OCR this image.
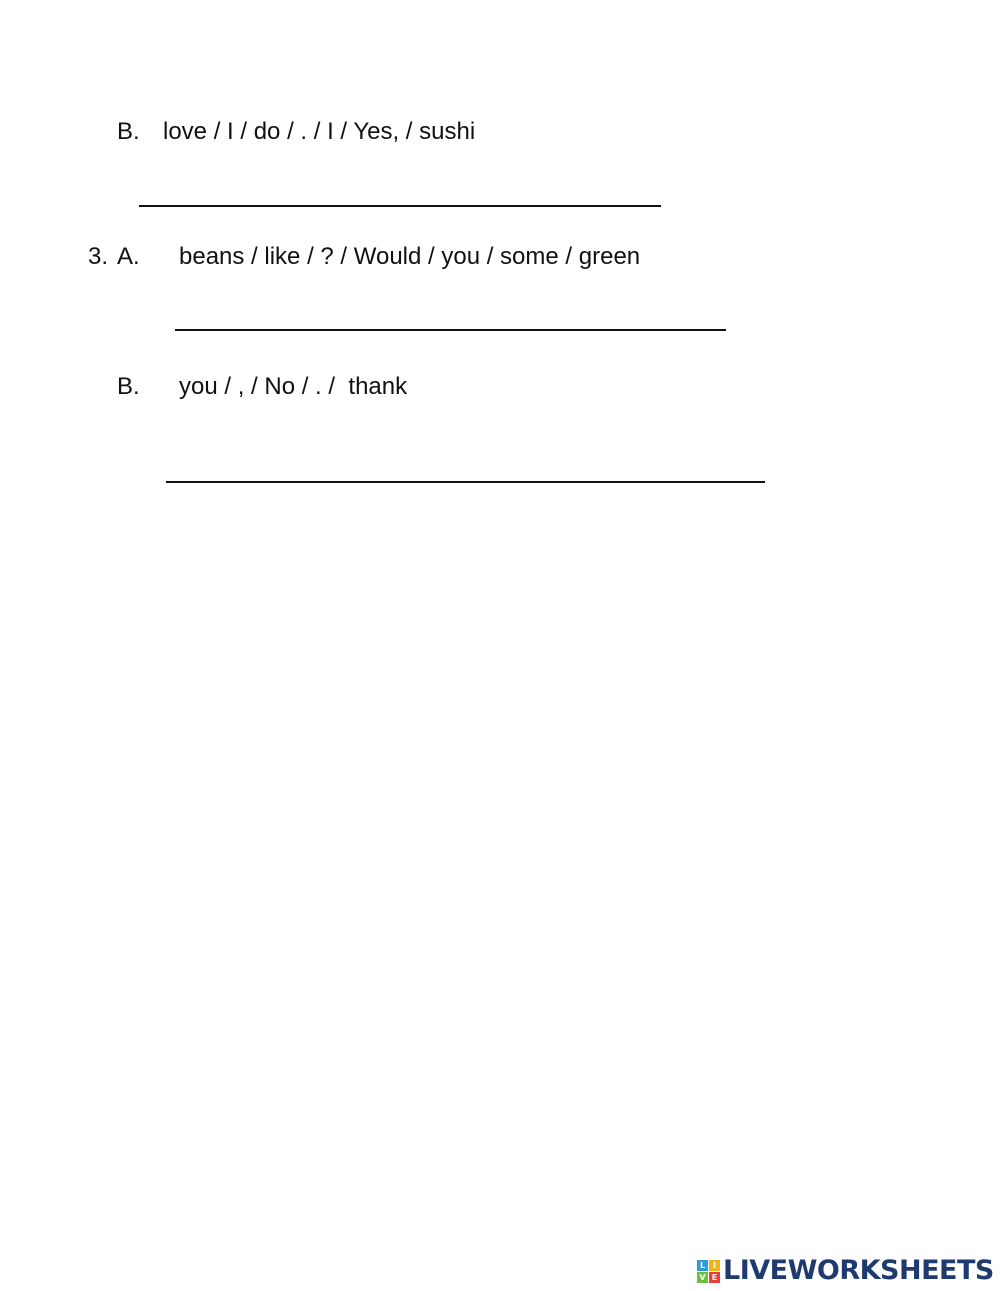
B.

love / I / do / . / I / Yes, / sushi

3.

A.

beans / like / ? / Would / you / some / green

B.

you / , / No / . /  thank

L I
V E LIVEWORKSHEETS
